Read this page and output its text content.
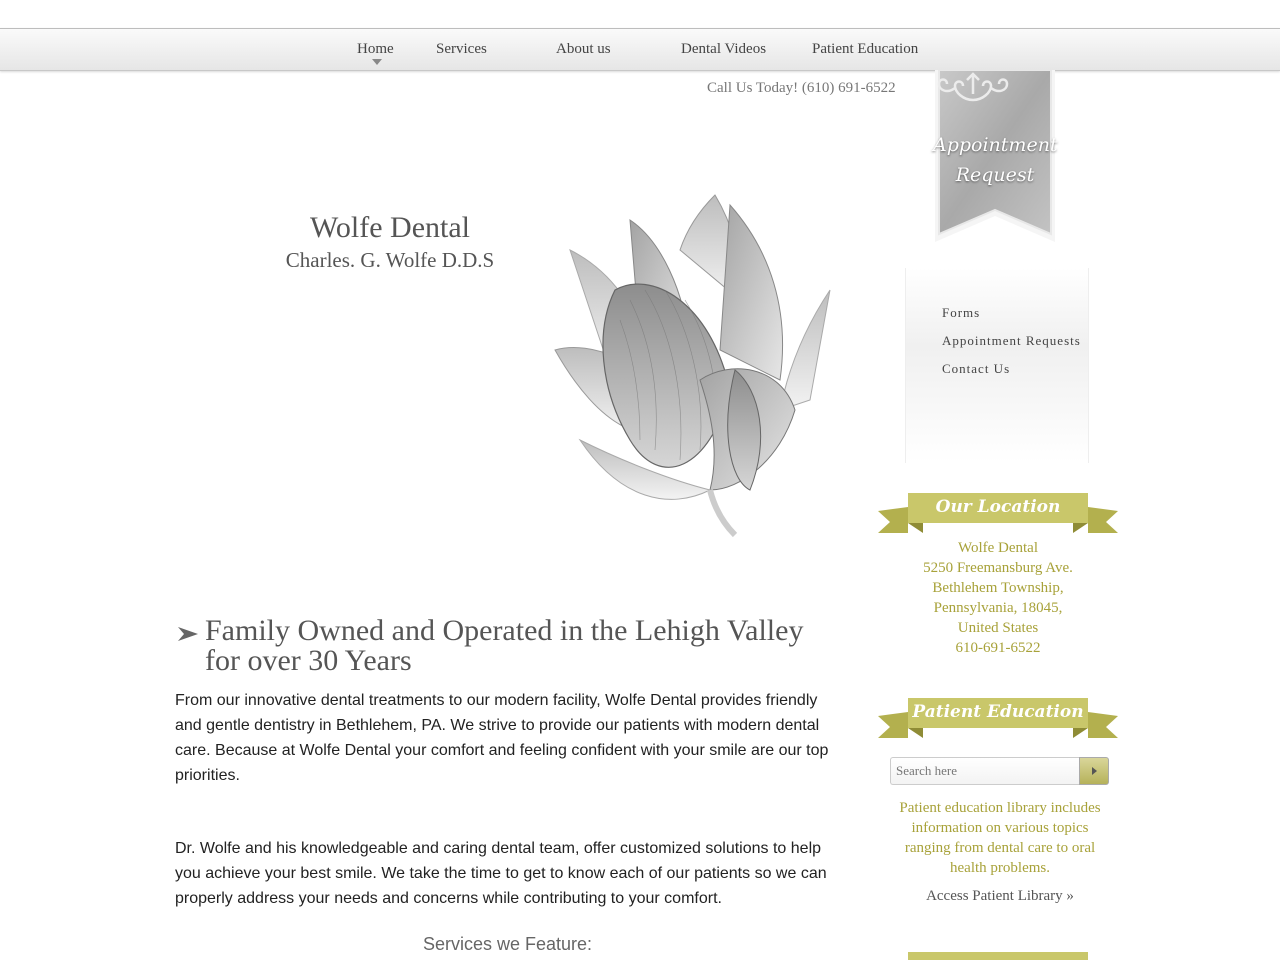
Home	Services	About us	Dental Videos	Patient Education
Call Us Today! (610) 691-6522
Appointment
Request
Wolfe Dental
Charles. G. Wolfe D.D.S
Forms
Appointment Requests
Contact Us
Our Location
Wolfe Dental
5250 Freemansburg Ave.
Bethlehem Township,
Pennsylvania, 18045,
United States
610-691-6522
Patient Education
Search here
Patient education library includes information on various topics ranging from dental care to oral health problems.
Access Patient Library »
Family Owned and Operated in the Lehigh Valley for over 30 Years

From our innovative dental treatments to our modern facility, Wolfe Dental provides friendly and gentle dentistry in Bethlehem, PA. We strive to provide our patients with modern dental care. Because at Wolfe Dental your comfort and feeling confident with your smile are our top priorities.

Dr. Wolfe and his knowledgeable and caring dental team, offer customized solutions to help you achieve your best smile. We take the time to get to know each of our patients so we can properly address your needs and concerns while contributing to your comfort.

Services we Feature:
